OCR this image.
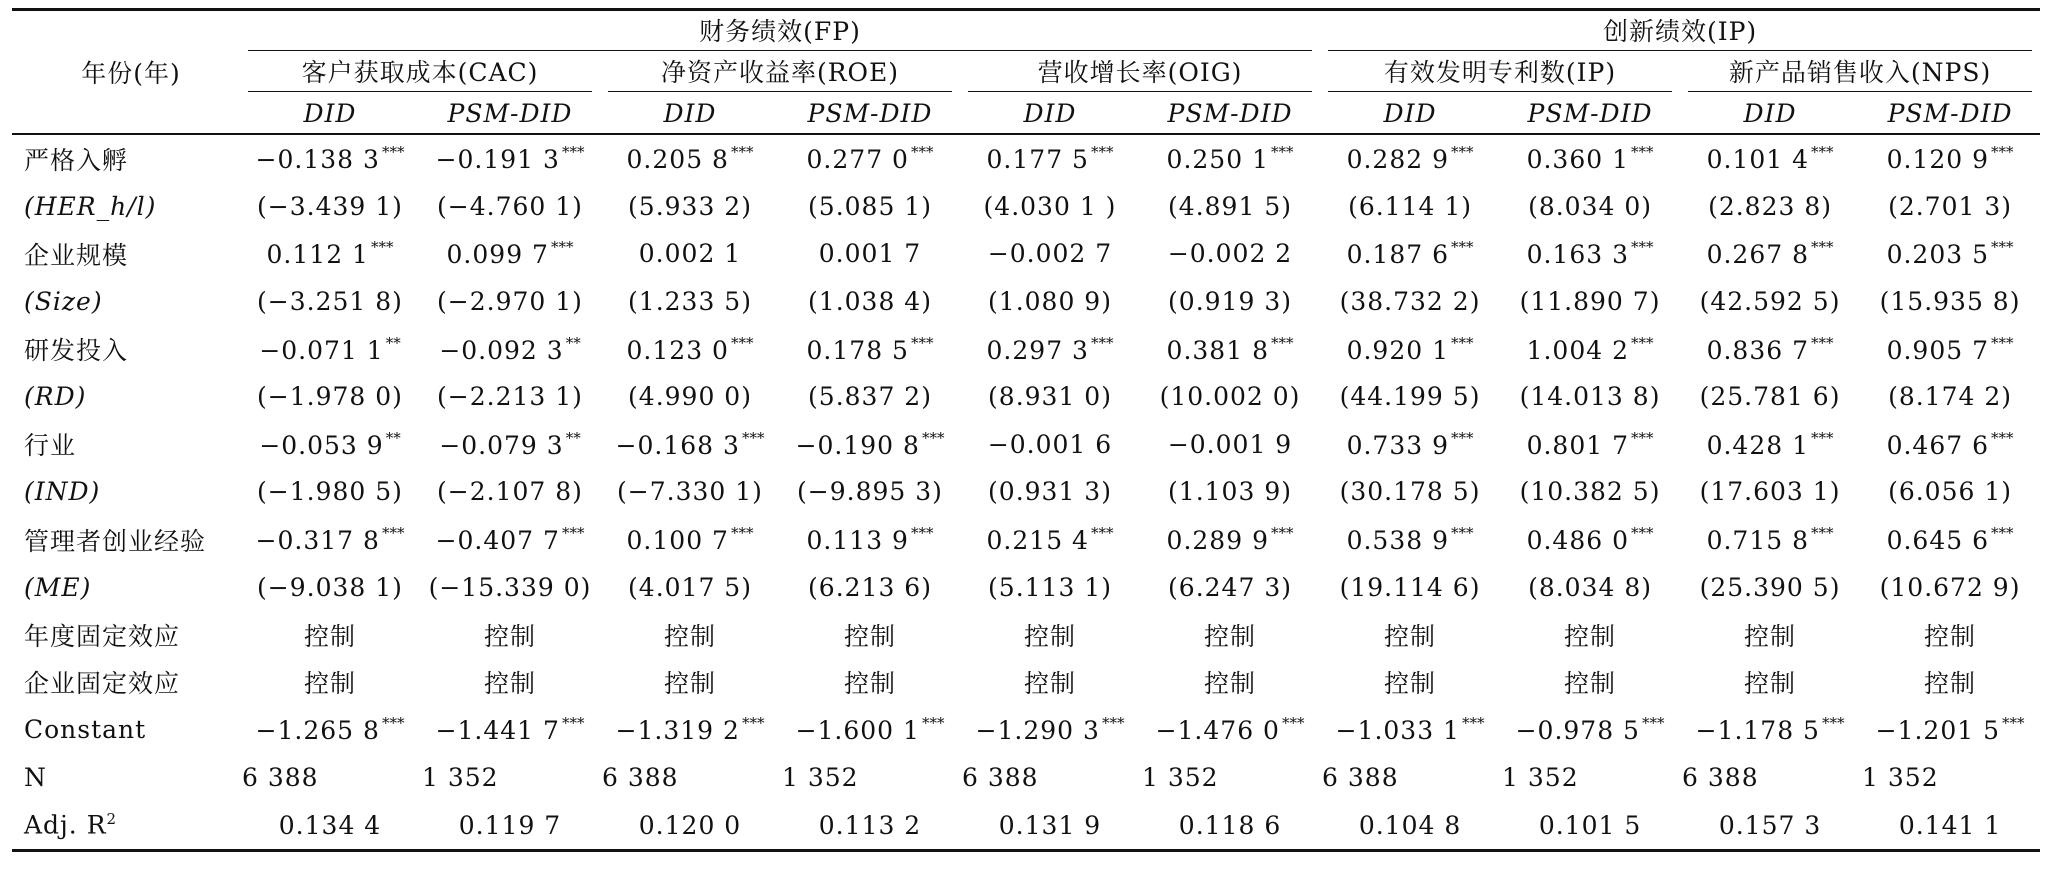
年份(年)	财务绩效(FP)						创新绩效(IP)			

	客户获取成本(CAC)		净资产收益率(ROE)		营收增长率(OIG)		有效发明专利数(IP)		新产品销售收入(NPS)	

	DID	PSM-DID	DID	PSM-DID	DID	PSM-DID	DID	PSM-DID	DID	PSM-DID
严格入孵	−0.138 3 ***	−0.191 3 ***	0.205 8 ***	0.277 0 ***	0.177 5 ***	0.250 1 ***	0.282 9 ***	0.360 1 ***	0.101 4 ***	0.120 9 ***
(HER_h/l)	(−3.439 1)	(−4.760 1)	(5.933 2)	(5.085 1)	(4.030 1 )	(4.891 5)	(6.114 1)	(8.034 0)	(2.823 8)	(2.701 3)
企业规模	0.112 1 ***	0.099 7 ***	0.002 1	0.001 7	−0.002 7	−0.002 2	0.187 6 ***	0.163 3 ***	0.267 8 ***	0.203 5 ***
(Size)	(−3.251 8)	(−2.970 1)	(1.233 5)	(1.038 4)	(1.080 9)	(0.919 3)	(38.732 2)	(11.890 7)	(42.592 5)	(15.935 8)
研发投入	−0.071 1 **	−0.092 3 **	0.123 0 ***	0.178 5 ***	0.297 3 ***	0.381 8 ***	0.920 1 ***	1.004 2 ***	0.836 7 ***	0.905 7 ***
(RD)	(−1.978 0)	(−2.213 1)	(4.990 0)	(5.837 2)	(8.931 0)	(10.002 0)	(44.199 5)	(14.013 8)	(25.781 6)	(8.174 2)
行业	−0.053 9 **	−0.079 3 **	−0.168 3 ***	−0.190 8 ***	−0.001 6	−0.001 9	0.733 9 ***	0.801 7 ***	0.428 1 ***	0.467 6 ***
(IND)	(−1.980 5)	(−2.107 8)	(−7.330 1)	(−9.895 3)	(0.931 3)	(1.103 9)	(30.178 5)	(10.382 5)	(17.603 1)	(6.056 1)
管理者创业经验	−0.317 8 ***	−0.407 7 ***	0.100 7 ***	0.113 9 ***	0.215 4 ***	0.289 9 ***	0.538 9 ***	0.486 0 ***	0.715 8 ***	0.645 6 ***
(ME)	(−9.038 1)	(−15.339 0)	(4.017 5)	(6.213 6)	(5.113 1)	(6.247 3)	(19.114 6)	(8.034 8)	(25.390 5)	(10.672 9)
年度固定效应	控制	控制	控制	控制	控制	控制	控制	控制	控制	控制
企业固定效应	控制	控制	控制	控制	控制	控制	控制	控制	控制	控制
Constant	−1.265 8 ***	−1.441 7 ***	−1.319 2 ***	−1.600 1 ***	−1.290 3 ***	−1.476 0 ***	−1.033 1 ***	−0.978 5 ***	−1.178 5 ***	−1.201 5 ***
N	6 388	1 352	6 388	1 352	6 388	1 352	6 388	1 352	6 388	1 352
Adj. $R^2$	0.134 4	0.119 7	0.120 0	0.113 2	0.131 9	0.118 6	0.104 8	0.101 5	0.157 3	0.141 1
